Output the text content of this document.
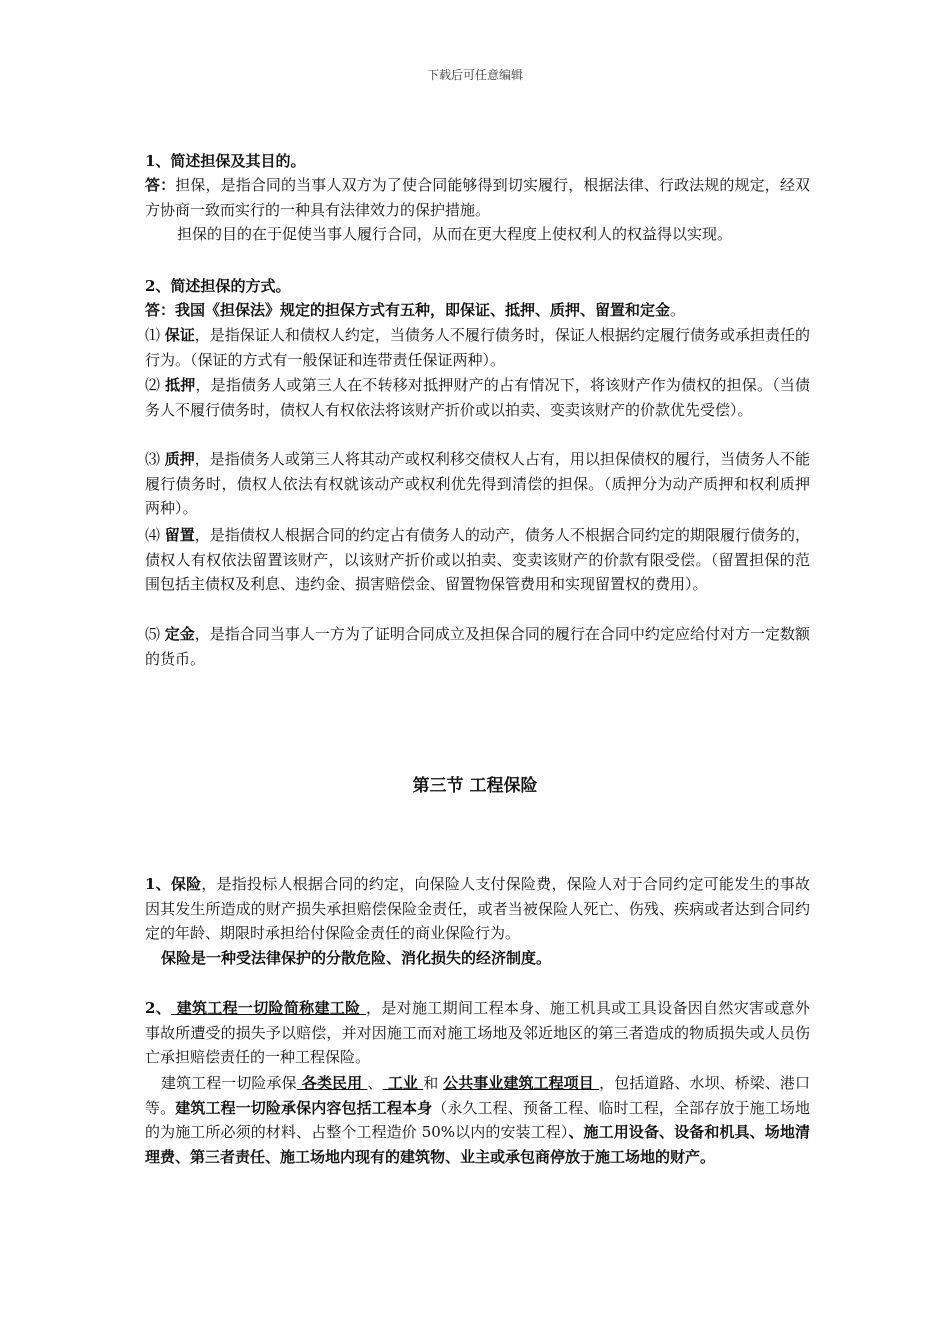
下载后可任意编辑

1、简述担保及其目的。

答：担保，是指合同的当事人双方为了使合同能够得到切实履行，根据法律、行政法规的规定，经双方协商一致而实行的一种具有法律效力的保护措施。

担保的目的在于促使当事人履行合同，从而在更大程度上使权利人的权益得以实现。

2、简述担保的方式。

答：我国《担保法》规定的担保方式有五种，即保证、抵押、质押、留置和定金。

⑴ 保证，是指保证人和债权人约定，当债务人不履行债务时，保证人根据约定履行债务或承担责任的行为。（保证的方式有一般保证和连带责任保证两种）。

⑵ 抵押，是指债务人或第三人在不转移对抵押财产的占有情况下，将该财产作为债权的担保。（当债务人不履行债务时，债权人有权依法将该财产折价或以拍卖、变卖该财产的价款优先受偿）。

⑶ 质押，是指债务人或第三人将其动产或权利移交债权人占有，用以担保债权的履行，当债务人不能履行债务时，债权人依法有权就该动产或权利优先得到清偿的担保。（质押分为动产质押和权利质押两种）。

⑷ 留置，是指债权人根据合同的约定占有债务人的动产，债务人不根据合同约定的期限履行债务的，债权人有权依法留置该财产，以该财产折价或以拍卖、变卖该财产的价款有限受偿。（留置担保的范围包括主债权及利息、违约金、损害赔偿金、留置物保管费用和实现留置权的费用）。

⑸ 定金，是指合同当事人一方为了证明合同成立及担保合同的履行在合同中约定应给付对方一定数额的货币。

第三节 工程保险

1、保险，是指投标人根据合同的约定，向保险人支付保险费，保险人对于合同约定可能发生的事故因其发生所造成的财产损失承担赔偿保险金责任，或者当被保险人死亡、伤残、疾病或者达到合同约定的年龄、期限时承担给付保险金责任的商业保险行为。

保险是一种受法律保护的分散危险、消化损失的经济制度。

2、 建筑工程一切险简称建工险 ，是对施工期间工程本身、施工机具或工具设备因自然灾害或意外事故所遭受的损失予以赔偿，并对因施工而对施工场地及邻近地区的第三者造成的物质损失或人员伤亡承担赔偿责任的一种工程保险。

建筑工程一切险承保 各类民用 、 工业 和 公共事业建筑工程项目 ，包括道路、水坝、桥梁、港口等。建筑工程一切险承保内容包括工程本身（永久工程、预备工程、临时工程，全部存放于施工场地的为施工所必须的材料、占整个工程造价 50%以内的安装工程）、施工用设备、设备和机具、场地清理费、第三者责任、施工场地内现有的建筑物、业主或承包商停放于施工场地的财产。
